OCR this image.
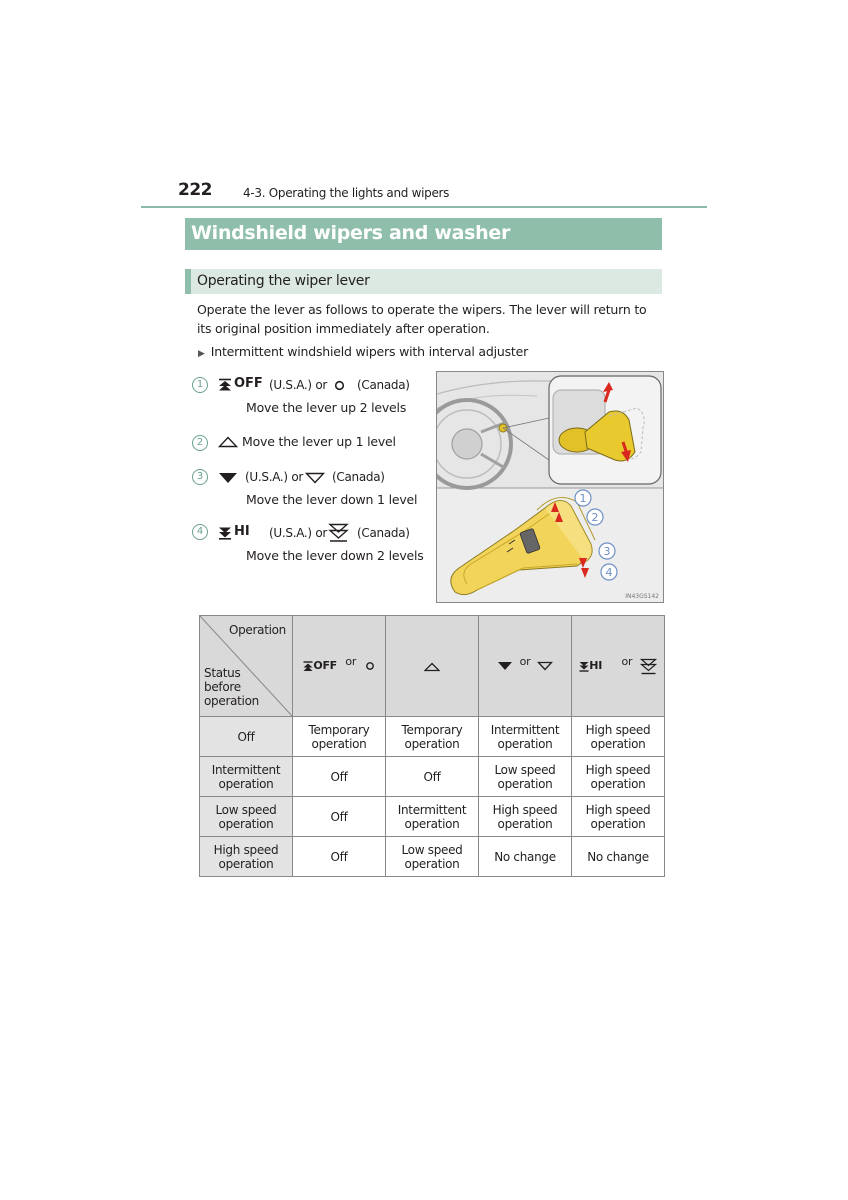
222	4-3. Operating the lights and wipers
Windshield wipers and washer
Operating the wiper lever
Operate the lever as follows to operate the wipers. The lever will return to its original position immediately after operation.
▶ Intermittent windshield wipers with interval adjuster
1	OFF (U.S.A.) or	(Canada)
Move the lever up 2 levels
2	Move the lever up 1 level
3	(U.S.A.) or (Canada)
Move the lever down 1 level
4	HI (U.S.A.) or	(Canada)
Move the lever down 2 levels
1
2
3
4
IN43GS142
Operation
Status before operation	OFF or		or	HI or
Off	Temporary operation	Temporary operation	Intermittent operation	High speed operation
Intermittent operation	Off	Off	Low speed operation	High speed operation
Low speed operation	Off	Intermittent operation	High speed operation	High speed operation
High speed operation	Off	Low speed operation	No change	No change
